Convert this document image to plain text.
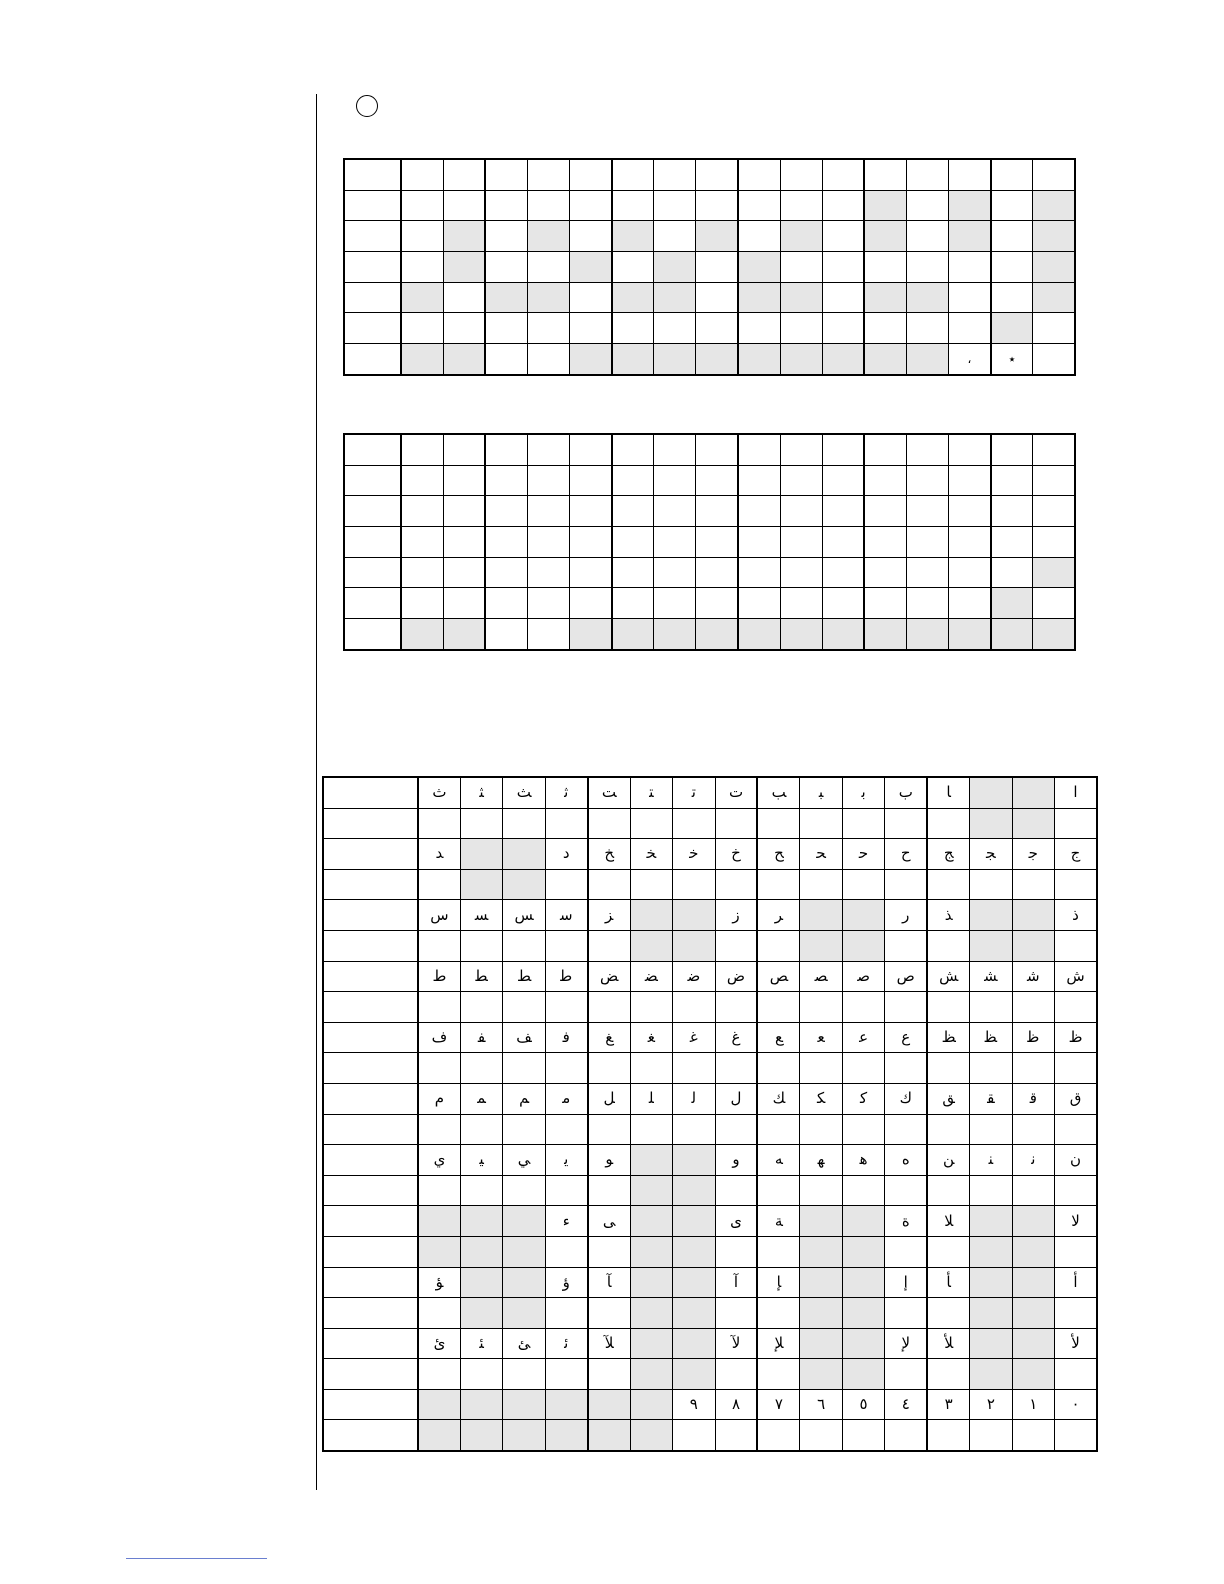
														،	٭	

	ﺙ	ﺜ	ﺚ	ﺛ	ﺖ	ﺘ	ﺗ	ﺕ	ﺐ	ﺒ	ﺑ	ﺏ	ﺎ			ﺍ

	ﺪ			ﺩ	ﺦ	ﺨ	ﺧ	ﺥ	ﺢ	ﺤ	ﺣ	ﺡ	ﺞ	ﺠ	ﺟ	ﺝ

	ﺱ	ﺴ	ﺲ	ﺳ	ﺰ			ﺯ	ﺮ			ﺭ	ﺬ			ﺫ

	ﻁ	ﻄ	ﻂ	ﻃ	ﺾ	ﻀ	ﺿ	ﺽ	ﺺ	ﺼ	ﺻ	ﺹ	ﺶ	ﺸ	ﺷ	ﺵ

	ﻑ	ﻔ	ﻒ	ﻓ	ﻎ	ﻐ	ﻏ	ﻍ	ﻊ	ﻌ	ﻋ	ﻉ	ﻆ	ﻈ	ﻇ	ﻅ

	ﻡ	ﻤ	ﻢ	ﻣ	ﻞ	ﻠ	ﻟ	ﻝ	ﻚ	ﻜ	ﻛ	ﻙ	ﻖ	ﻘ	ﻗ	ﻕ

	ﻱ	ﻴ	ﻲ	ﻳ	ﻮ			ﻭ	ﻪ	ﻬ	ﻫ	ﻩ	ﻦ	ﻨ	ﻧ	ﻥ

				ﺀ	ﻰ			ﻯ	ﺔ			ﺓ	ﻼ			ﻻ

	ﺆ			ﺅ	ﺂ			ﺁ	ﺈ			ﺇ	ﺄ			ﺃ

	ﺉ	ﺌ	ﺊ	ﺋ	ﻶ			ﻵ	ﻺ			ﻹ	ﻸ			ﻷ

							٩	٨	٧	٦	٥	٤	٣	٢	١	٠
